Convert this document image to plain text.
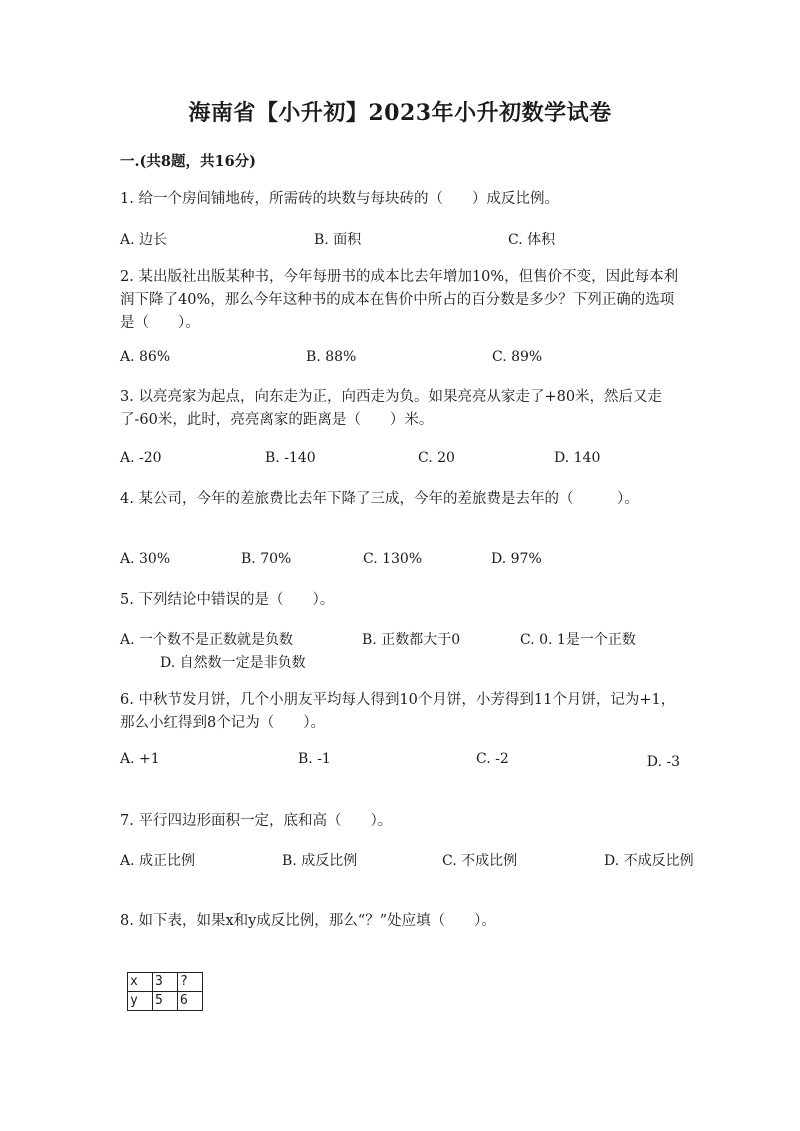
海南省【小升初】2023年小升初数学试卷
一.(共8题，共16分)
1. 给一个房间铺地砖，所需砖的块数与每块砖的（　　）成反比例。
A. 边长	B. 面积	C. 体积
2. 某出版社出版某种书，今年每册书的成本比去年增加10%，但售价不变，因此每本利润下降了40%，那么今年这种书的成本在售价中所占的百分数是多少？下列正确的选项是（　　）。
A. 86%	B. 88%	C. 89%
3. 以亮亮家为起点，向东走为正，向西走为负。如果亮亮从家走了+80米，然后又走了-60米，此时，亮亮离家的距离是（　　）米。
A. -20	B. -140	C. 20	D. 140
4. 某公司，今年的差旅费比去年下降了三成，今年的差旅费是去年的（　　　）。
A. 30%	B. 70%	C. 130%	D. 97%
5. 下列结论中错误的是（　　）。
A. 一个数不是正数就是负数	B. 正数都大于0	C. 0. 1是一个正数
D. 自然数一定是非负数
6. 中秋节发月饼，几个小朋友平均每人得到10个月饼，小芳得到11个月饼，记为+1，那么小红得到8个记为（　　）。
A. +1	B. -1	C. -2	D. -3
7. 平行四边形面积一定，底和高（　　）。
A. 成正比例	B. 成反比例	C. 不成比例	D. 不成反比例
8. 如下表，如果x和y成反比例，那么“？”处应填（　　）。
x	3	?
y	5	6
